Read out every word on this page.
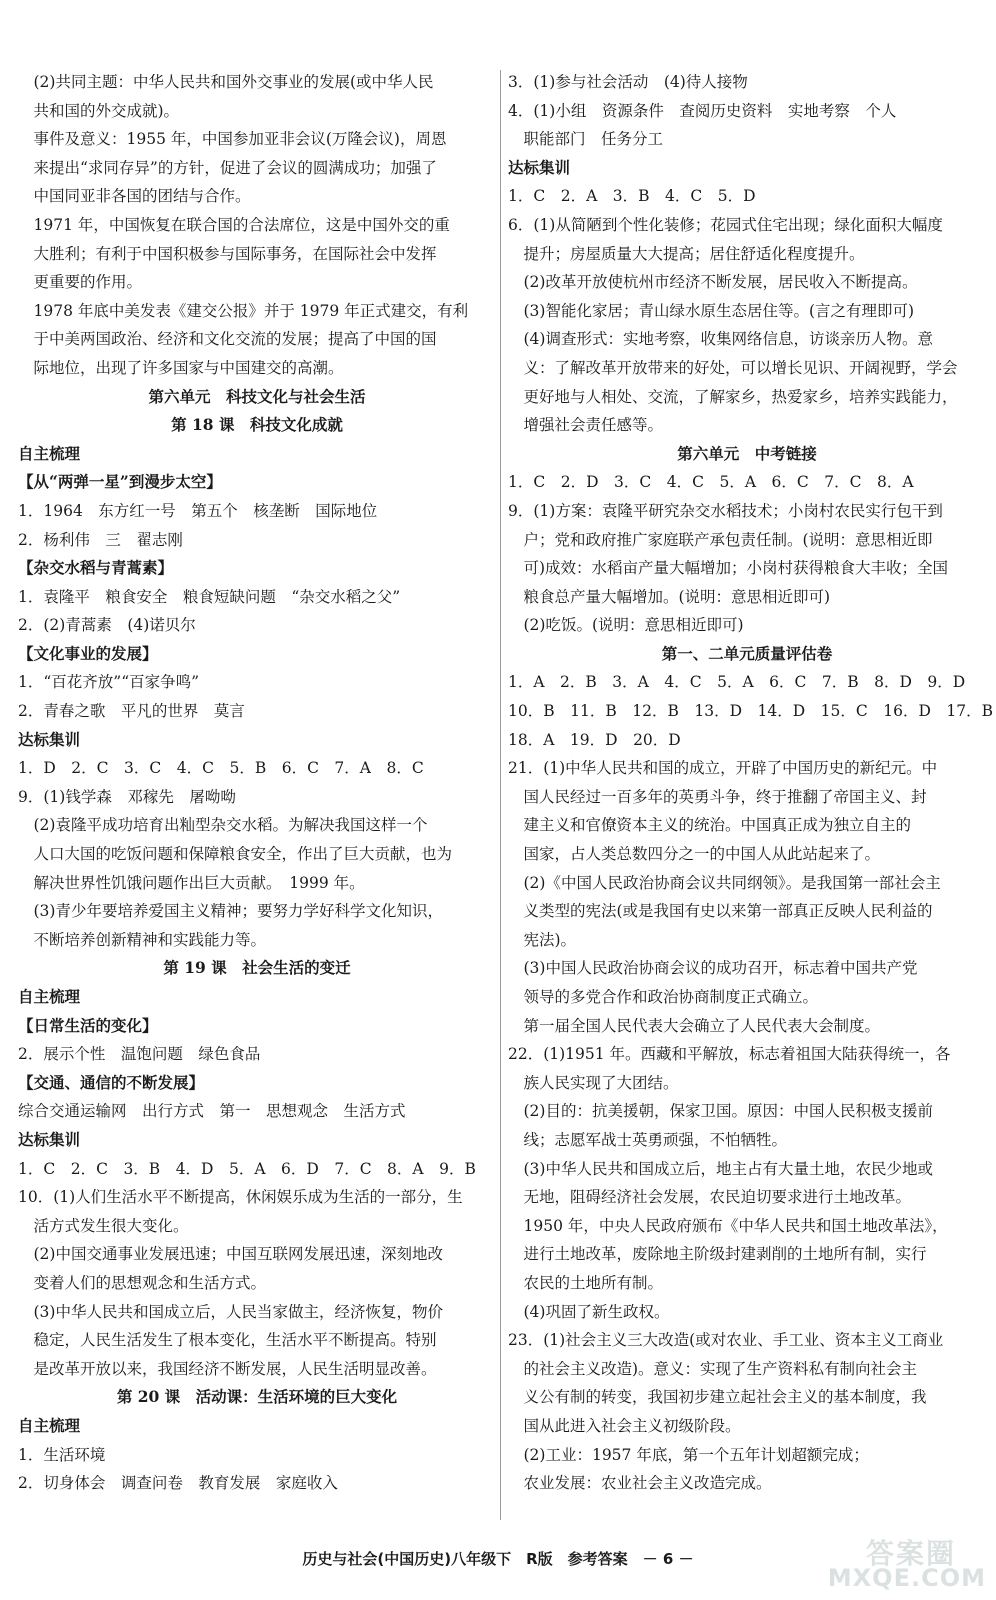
　(2)共同主题：中华人民共和国外交事业的发展(或中华人民
　共和国的外交成就)。
　事件及意义：1955 年，中国参加亚非会议(万隆会议)，周恩
　来提出“求同存异”的方针，促进了会议的圆满成功；加强了
　中国同亚非各国的团结与合作。
　1971 年，中国恢复在联合国的合法席位，这是中国外交的重
　大胜利；有利于中国积极参与国际事务，在国际社会中发挥
　更重要的作用。
　1978 年底中美发表《建交公报》并于 1979 年正式建交，有利
　于中美两国政治、经济和文化交流的发展；提高了中国的国
　际地位，出现了许多国家与中国建交的高潮。
第六单元　科技文化与社会生活
第 18 课　科技文化成就
自主梳理
【从“两弹一星”到漫步太空】
1．1964　东方红一号　第五个　核垄断　国际地位
2．杨利伟　三　翟志刚
【杂交水稻与青蒿素】
1．袁隆平　粮食安全　粮食短缺问题　“杂交水稻之父”
2．(2)青蒿素　(4)诺贝尔
【文化事业的发展】
1．“百花齐放”“百家争鸣”
2．青春之歌　平凡的世界　莫言
达标集训
1．D　2．C　3．C　4．C　5．B　6．C　7．A　8．C
9．(1)钱学森　邓稼先　屠呦呦
　(2)袁隆平成功培育出籼型杂交水稻。为解决我国这样一个
　人口大国的吃饭问题和保障粮食安全，作出了巨大贡献，也为
　解决世界性饥饿问题作出巨大贡献。　1999 年。
　(3)青少年要培养爱国主义精神；要努力学好科学文化知识，
　不断培养创新精神和实践能力等。
第 19 课　社会生活的变迁
自主梳理
【日常生活的变化】
2．展示个性　温饱问题　绿色食品
【交通、通信的不断发展】
综合交通运输网　出行方式　第一　思想观念　生活方式
达标集训
1．C　2．C　3．B　4．D　5．A　6．D　7．C　8．A　9．B
10．(1)人们生活水平不断提高，休闲娱乐成为生活的一部分，生
　活方式发生很大变化。
　(2)中国交通事业发展迅速；中国互联网发展迅速，深刻地改
　变着人们的思想观念和生活方式。
　(3)中华人民共和国成立后，人民当家做主，经济恢复，物价
　稳定，人民生活发生了根本变化，生活水平不断提高。特别
　是改革开放以来，我国经济不断发展，人民生活明显改善。
第 20 课　活动课：生活环境的巨大变化
自主梳理
1．生活环境
2．切身体会　调查问卷　教育发展　家庭收入
3．(1)参与社会活动　(4)待人接物
4．(1)小组　资源条件　查阅历史资料　实地考察　个人
　职能部门　任务分工
达标集训
1．C　2．A　3．B　4．C　5．D
6．(1)从简陋到个性化装修；花园式住宅出现；绿化面积大幅度
　提升；房屋质量大大提高；居住舒适化程度提升。
　(2)改革开放使杭州市经济不断发展，居民收入不断提高。
　(3)智能化家居；青山绿水原生态居住等。(言之有理即可)
　(4)调查形式：实地考察，收集网络信息，访谈亲历人物。意
　义：了解改革开放带来的好处，可以增长见识、开阔视野，学会
　更好地与人相处、交流，了解家乡，热爱家乡，培养实践能力，
　增强社会责任感等。
第六单元　中考链接
1．C　2．D　3．C　4．C　5．A　6．C　7．C　8．A
9．(1)方案：袁隆平研究杂交水稻技术；小岗村农民实行包干到
　户；党和政府推广家庭联产承包责任制。(说明：意思相近即
　可)成效：水稻亩产量大幅增加；小岗村获得粮食大丰收；全国
　粮食总产量大幅增加。(说明：意思相近即可)
　(2)吃饭。(说明：意思相近即可)
第一、二单元质量评估卷
1．A　2．B　3．A　4．C　5．A　6．C　7．B　8．D　9．D
10．B　11．B　12．B　13．D　14．D　15．C　16．D　17．B
18．A　19．D　20．D
21．(1)中华人民共和国的成立，开辟了中国历史的新纪元。中
　国人民经过一百多年的英勇斗争，终于推翻了帝国主义、封
　建主义和官僚资本主义的统治。中国真正成为独立自主的
　国家，占人类总数四分之一的中国人从此站起来了。
　(2)《中国人民政治协商会议共同纲领》。是我国第一部社会主
　义类型的宪法(或是我国有史以来第一部真正反映人民利益的
　宪法)。
　(3)中国人民政治协商会议的成功召开，标志着中国共产党
　领导的多党合作和政治协商制度正式确立。
　第一届全国人民代表大会确立了人民代表大会制度。
22．(1)1951 年。西藏和平解放，标志着祖国大陆获得统一，各
　族人民实现了大团结。
　(2)目的：抗美援朝，保家卫国。原因：中国人民积极支援前
　线；志愿军战士英勇顽强，不怕牺牲。
　(3)中华人民共和国成立后，地主占有大量土地，农民少地或
　无地，阻碍经济社会发展，农民迫切要求进行土地改革。
　1950 年，中央人民政府颁布《中华人民共和国土地改革法》，
　进行土地改革，废除地主阶级封建剥削的土地所有制，实行
　农民的土地所有制。
　(4)巩固了新生政权。
23．(1)社会主义三大改造(或对农业、手工业、资本主义工商业
　的社会主义改造)。意义：实现了生产资料私有制向社会主
　义公有制的转变，我国初步建立起社会主义的基本制度，我
　国从此进入社会主义初级阶段。
　(2)工业：1957 年底，第一个五年计划超额完成；
　农业发展：农业社会主义改造完成。
历史与社会(中国历史)八年级下　R版　参考答案　－ 6 －	答案圈
MXQE.COM
